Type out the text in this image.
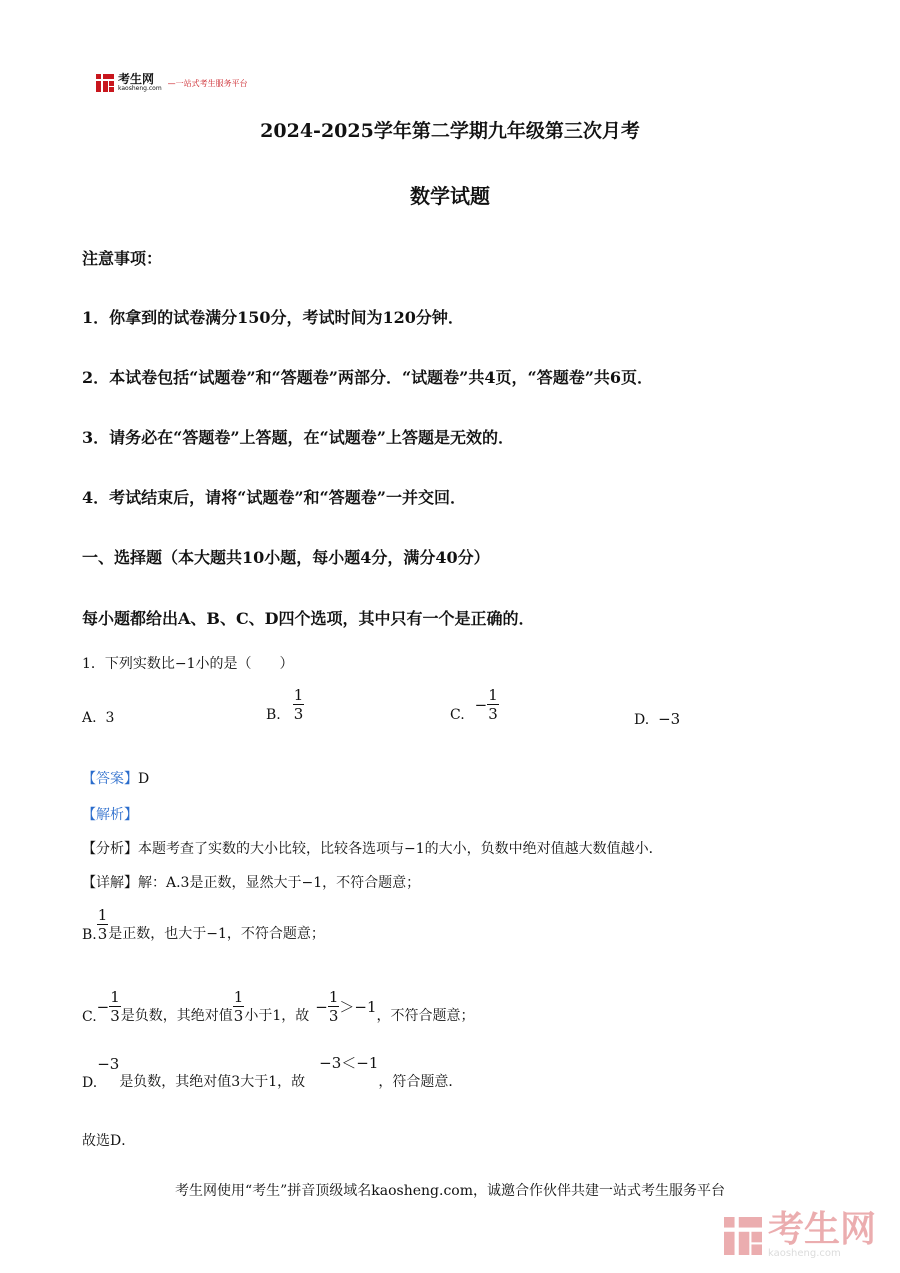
考生网
kaosheng.com
—一站式考生服务平台
2024-2025学年第二学期九年级第三次月考
数学试题
注意事项：
1．你拿到的试卷满分150分，考试时间为120分钟．
2．本试卷包括“试题卷”和“答题卷”两部分．“试题卷”共4页，“答题卷”共6页．
3．请务必在“答题卷”上答题，在“试题卷”上答题是无效的．
4．考试结束后，请将“试题卷”和“答题卷”一并交回．
一、选择题（本大题共10小题，每小题4分，满分40分）
每小题都给出A、B、C、D四个选项，其中只有一个是正确的．
1．下列实数比−1小的是（　　）
A. 3	B. $\frac{1}{3}$	C.
− $\frac{1}{3}$	D. −3
【答案】D
【解析】
【分析】本题考查了实数的大小比较，比较各选项与−1的大小，负数中绝对值越大数值越小．
【详解】解：A.3是正数，显然大于−1，不符合题意；
B. $\frac{1}{3}$ 是正数，也大于−1，不符合题意；
C.
− $\frac{1}{3}$ 是负数，其绝对值 $\frac{1}{3}$ 小于1，故
− $\frac{1}{3} >-1$ ，不符合题意；
D.
−3
是负数，其绝对值3大于1，故
−3＜−1
，符合题意．
故选D．
考生网使用“考生”拼音顶级域名kaosheng.com，诚邀合作伙伴共建一站式考生服务平台
考生网
kaosheng.com
